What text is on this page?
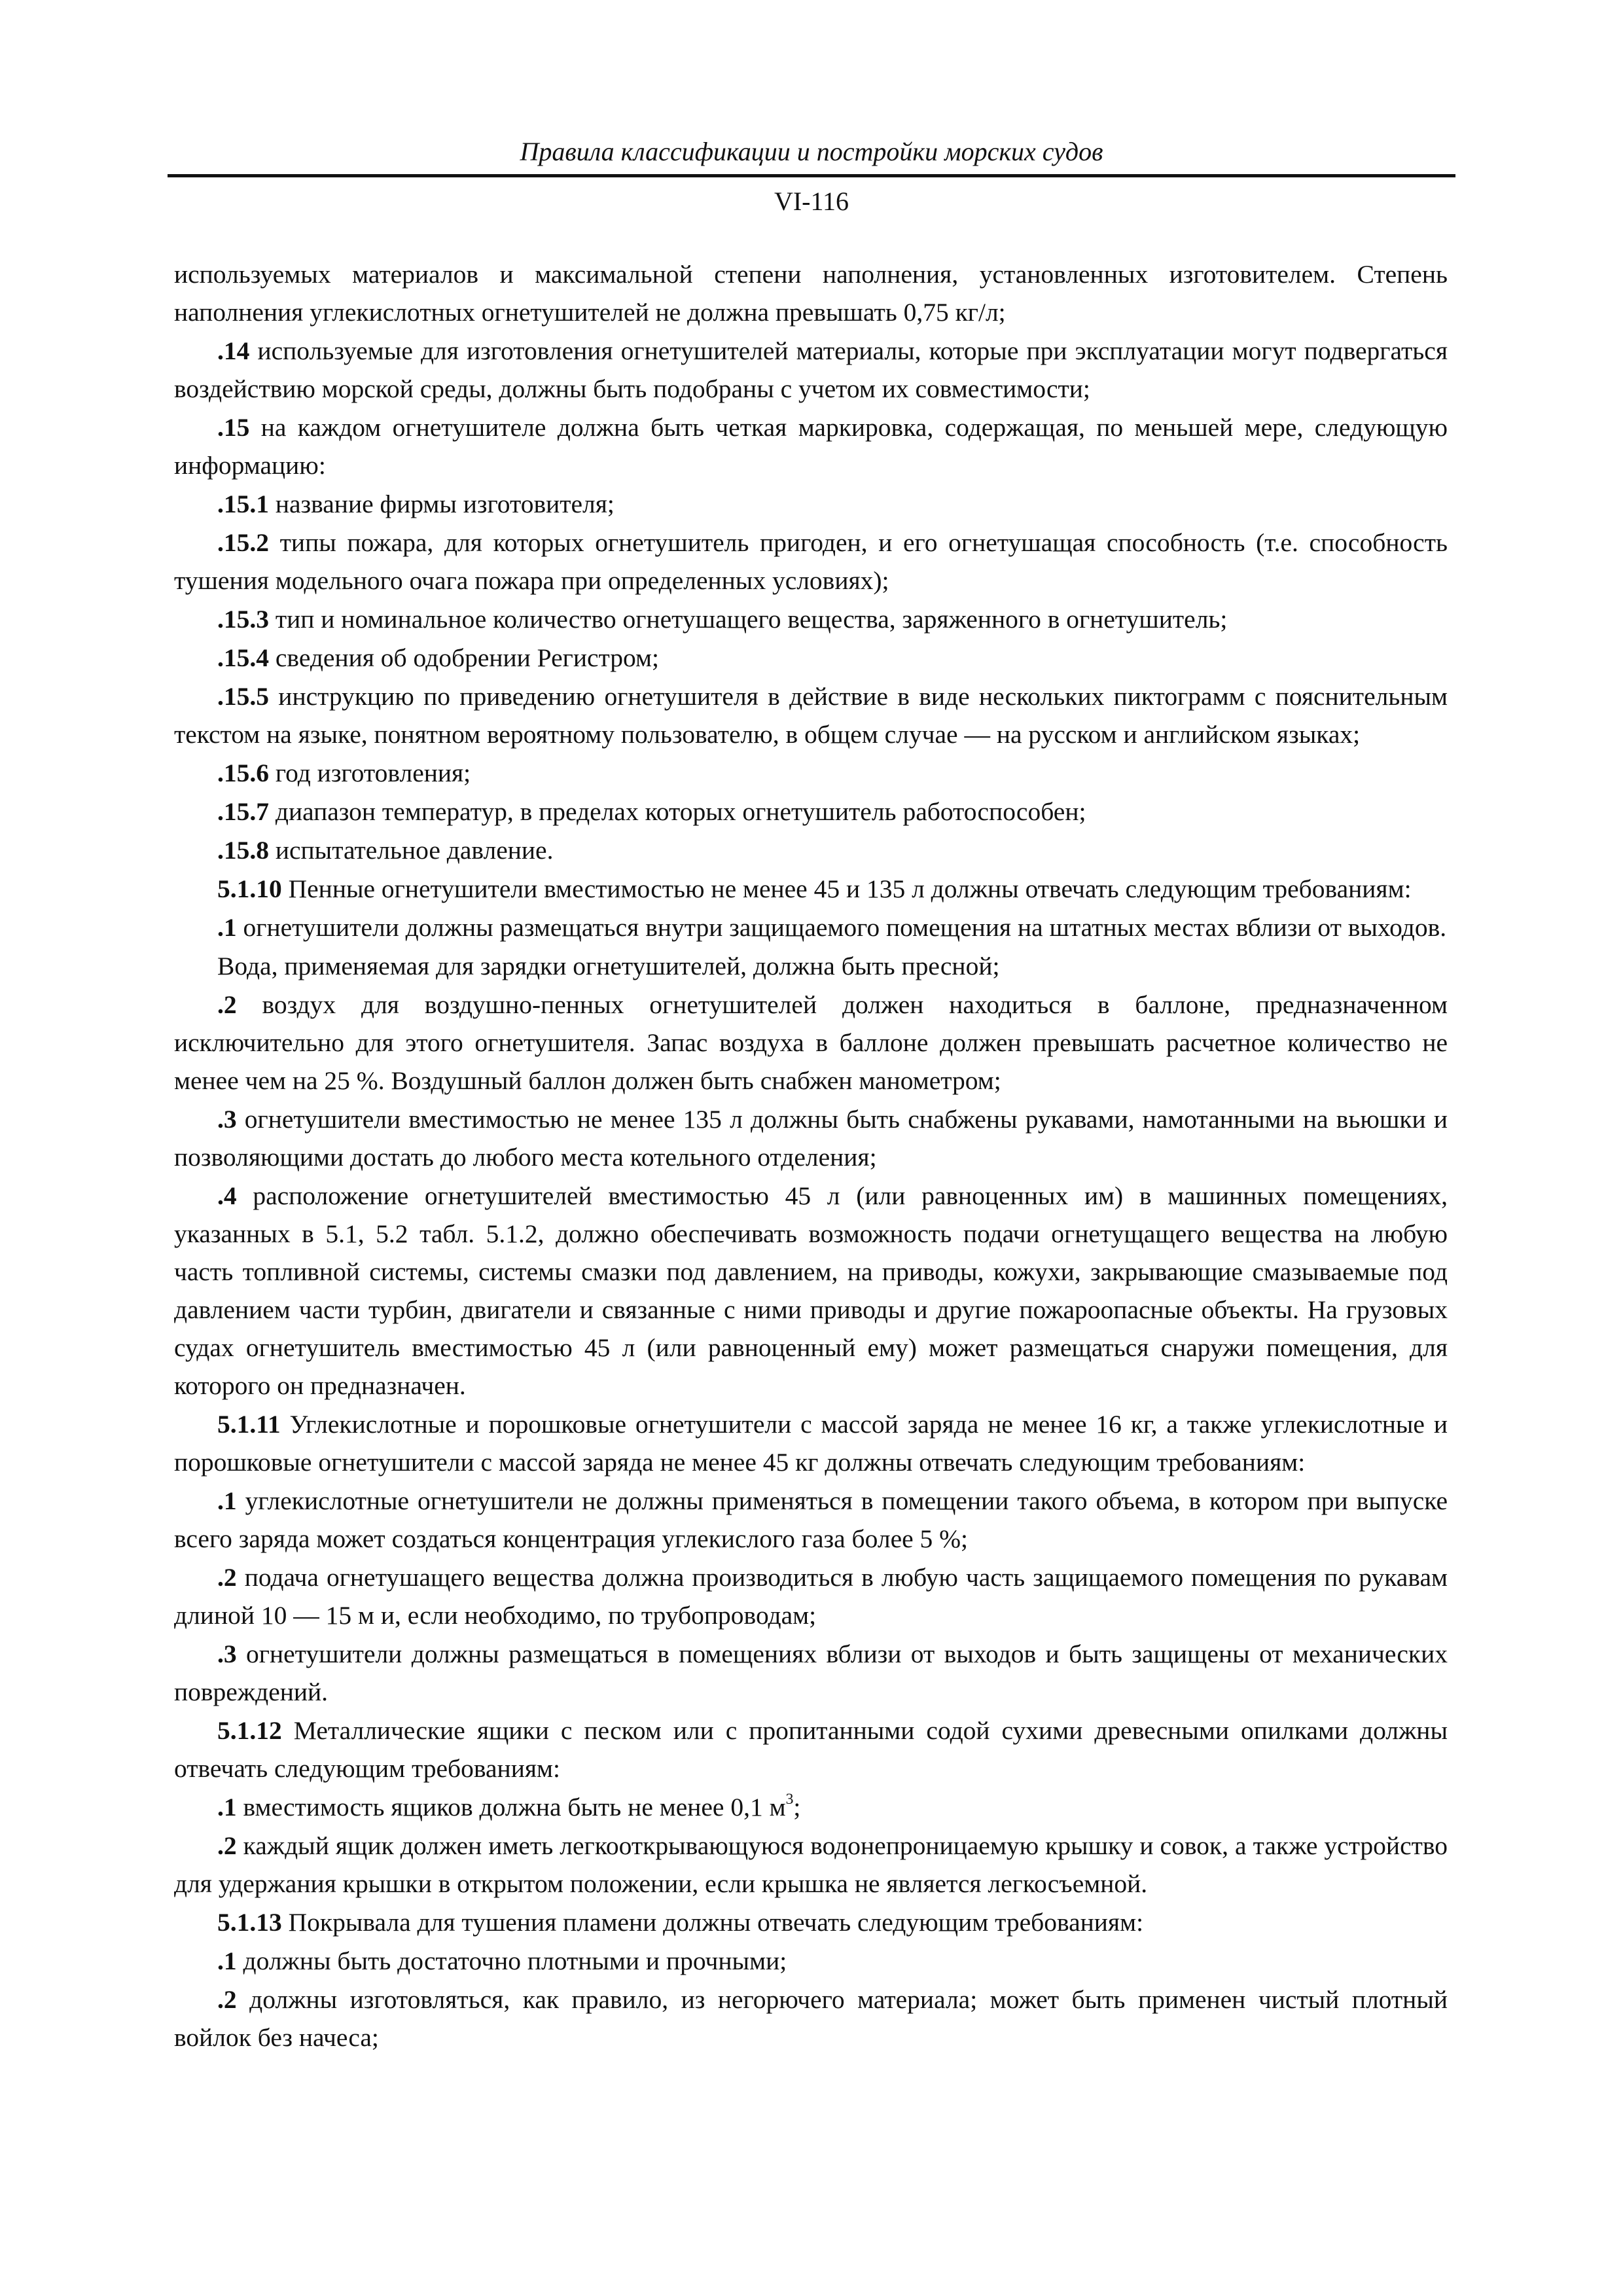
Правила классификации и постройки морских судов
VI-116

используемых материалов и максимальной степени наполнения, установленных изготовителем. Степень наполнения углекислотных огнетушителей не должна превышать 0,75 кг/л;

.14 используемые для изготовления огнетушителей материалы, которые при эксплуатации могут подвергаться воздействию морской среды, должны быть подобраны с учетом их совместимости;

.15 на каждом огнетушителе должна быть четкая маркировка, содержащая, по меньшей мере, следующую информацию:

.15.1 название фирмы изготовителя;

.15.2 типы пожара, для которых огнетушитель пригоден, и его огнетушащая способность (т.е. способность тушения модельного очага пожара при определенных условиях);

.15.3 тип и номинальное количество огнетушащего вещества, заряженного в огнетушитель;

.15.4 сведения об одобрении Регистром;

.15.5 инструкцию по приведению огнетушителя в действие в виде нескольких пиктограмм с пояснительным текстом на языке, понятном вероятному пользователю, в общем случае — на русском и английском языках;

.15.6 год изготовления;

.15.7 диапазон температур, в пределах которых огнетушитель работоспособен;

.15.8 испытательное давление.

5.1.10 Пенные огнетушители вместимостью не менее 45 и 135 л должны отвечать следующим требованиям:

.1 огнетушители должны размещаться внутри защищаемого помещения на штатных местах вблизи от выходов.

Вода, применяемая для зарядки огнетушителей, должна быть пресной;

.2 воздух для воздушно-пенных огнетушителей должен находиться в баллоне, предназначенном исключительно для этого огнетушителя. Запас воздуха в баллоне должен превышать расчетное количество не менее чем на 25 %. Воздушный баллон должен быть снабжен манометром;

.3 огнетушители вместимостью не менее 135 л должны быть снабжены рукавами, намотанными на вьюшки и позволяющими достать до любого места котельного отделения;

.4 расположение огнетушителей вместимостью 45 л (или равноценных им) в машинных помещениях, указанных в 5.1, 5.2 табл. 5.1.2, должно обеспечивать возможность подачи огнетущащего вещества на любую часть топливной системы, системы смазки под давлением, на приводы, кожухи, закрывающие смазываемые под давлением части турбин, двигатели и связанные с ними приводы и другие пожароопасные объекты. На грузовых судах огнетушитель вместимостью 45 л (или равноценный ему) может размещаться снаружи помещения, для которого он предназначен.

5.1.11 Углекислотные и порошковые огнетушители с массой заряда не менее 16 кг, а также углекислотные и порошковые огнетушители с массой заряда не менее 45 кг должны отвечать следующим требованиям:

.1 углекислотные огнетушители не должны применяться в помещении такого объема, в котором при выпуске всего заряда может создаться концентрация углекислого газа более 5 %;

.2 подача огнетушащего вещества должна производиться в любую часть защищаемого помещения по рукавам длиной 10 — 15 м и, если необходимо, по трубопроводам;

.3 огнетушители должны размещаться в помещениях вблизи от выходов и быть защищены от механических повреждений.

5.1.12 Металлические ящики с песком или с пропитанными содой сухими древесными опилками должны отвечать следующим требованиям:

.1 вместимость ящиков должна быть не менее 0,1 $м^3$;

.2 каждый ящик должен иметь легкооткрывающуюся водонепроницаемую крышку и совок, а также устройство для удержания крышки в открытом положении, если крышка не является легкосъемной.

5.1.13 Покрывала для тушения пламени должны отвечать следующим требованиям:

.1 должны быть достаточно плотными и прочными;

.2 должны изготовляться, как правило, из негорючего материала; может быть применен чистый плотный войлок без начеса;
